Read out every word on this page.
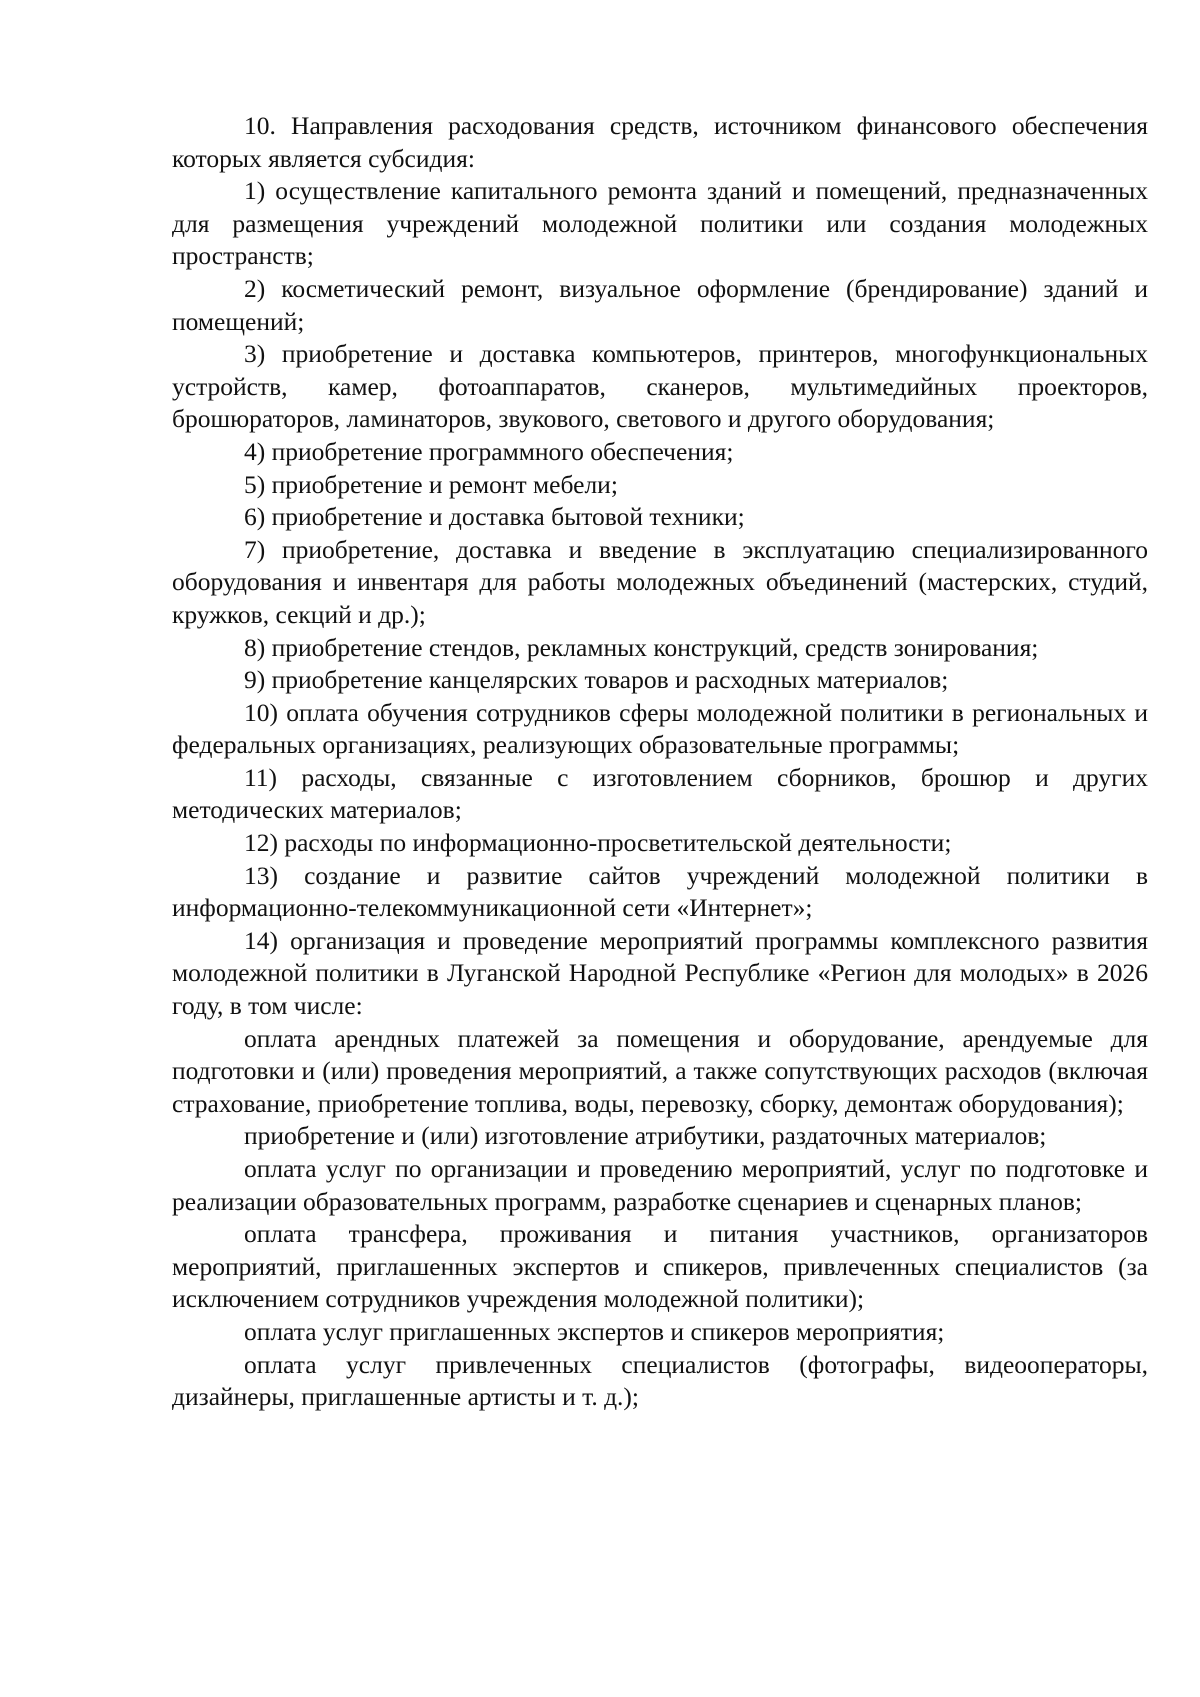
10. Направления расходования средств, источником финансового обеспечения которых является субсидия:

1) осуществление капитального ремонта зданий и помещений, предназначенных для размещения учреждений молодежной политики или создания молодежных пространств;

2) косметический ремонт, визуальное оформление (брендирование) зданий и помещений;

3) приобретение и доставка компьютеров, принтеров, многофункциональных устройств, камер, фотоаппаратов, сканеров, мультимедийных проекторов, брошюраторов, ламинаторов, звукового, светового и другого оборудования;

4) приобретение программного обеспечения;

5) приобретение и ремонт мебели;

6) приобретение и доставка бытовой техники;

7) приобретение, доставка и введение в эксплуатацию специализированного оборудования и инвентаря для работы молодежных объединений (мастерских, студий, кружков, секций и др.);

8) приобретение стендов, рекламных конструкций, средств зонирования;

9) приобретение канцелярских товаров и расходных материалов;

10) оплата обучения сотрудников сферы молодежной политики в региональных и федеральных организациях, реализующих образовательные программы;

11) расходы, связанные с изготовлением сборников, брошюр и других методических материалов;

12) расходы по информационно-просветительской деятельности;

13) создание и развитие сайтов учреждений молодежной политики в информационно-телекоммуникационной сети «Интернет»;

14) организация и проведение мероприятий программы комплексного развития молодежной политики в Луганской Народной Республике «Регион для молодых» в 2026 году, в том числе:

оплата арендных платежей за помещения и оборудование, арендуемые для подготовки и (или) проведения мероприятий, а также сопутствующих расходов (включая страхование, приобретение топлива, воды, перевозку, сборку, демонтаж оборудования);

приобретение и (или) изготовление атрибутики, раздаточных материалов;

оплата услуг по организации и проведению мероприятий, услуг по подготовке и реализации образовательных программ, разработке сценариев и сценарных планов;

оплата трансфера, проживания и питания участников, организаторов мероприятий, приглашенных экспертов и спикеров, привлеченных специалистов (за исключением сотрудников учреждения молодежной политики);

оплата услуг приглашенных экспертов и спикеров мероприятия;

оплата услуг привлеченных специалистов (фотографы, видеооператоры, дизайнеры, приглашенные артисты и т. д.);
